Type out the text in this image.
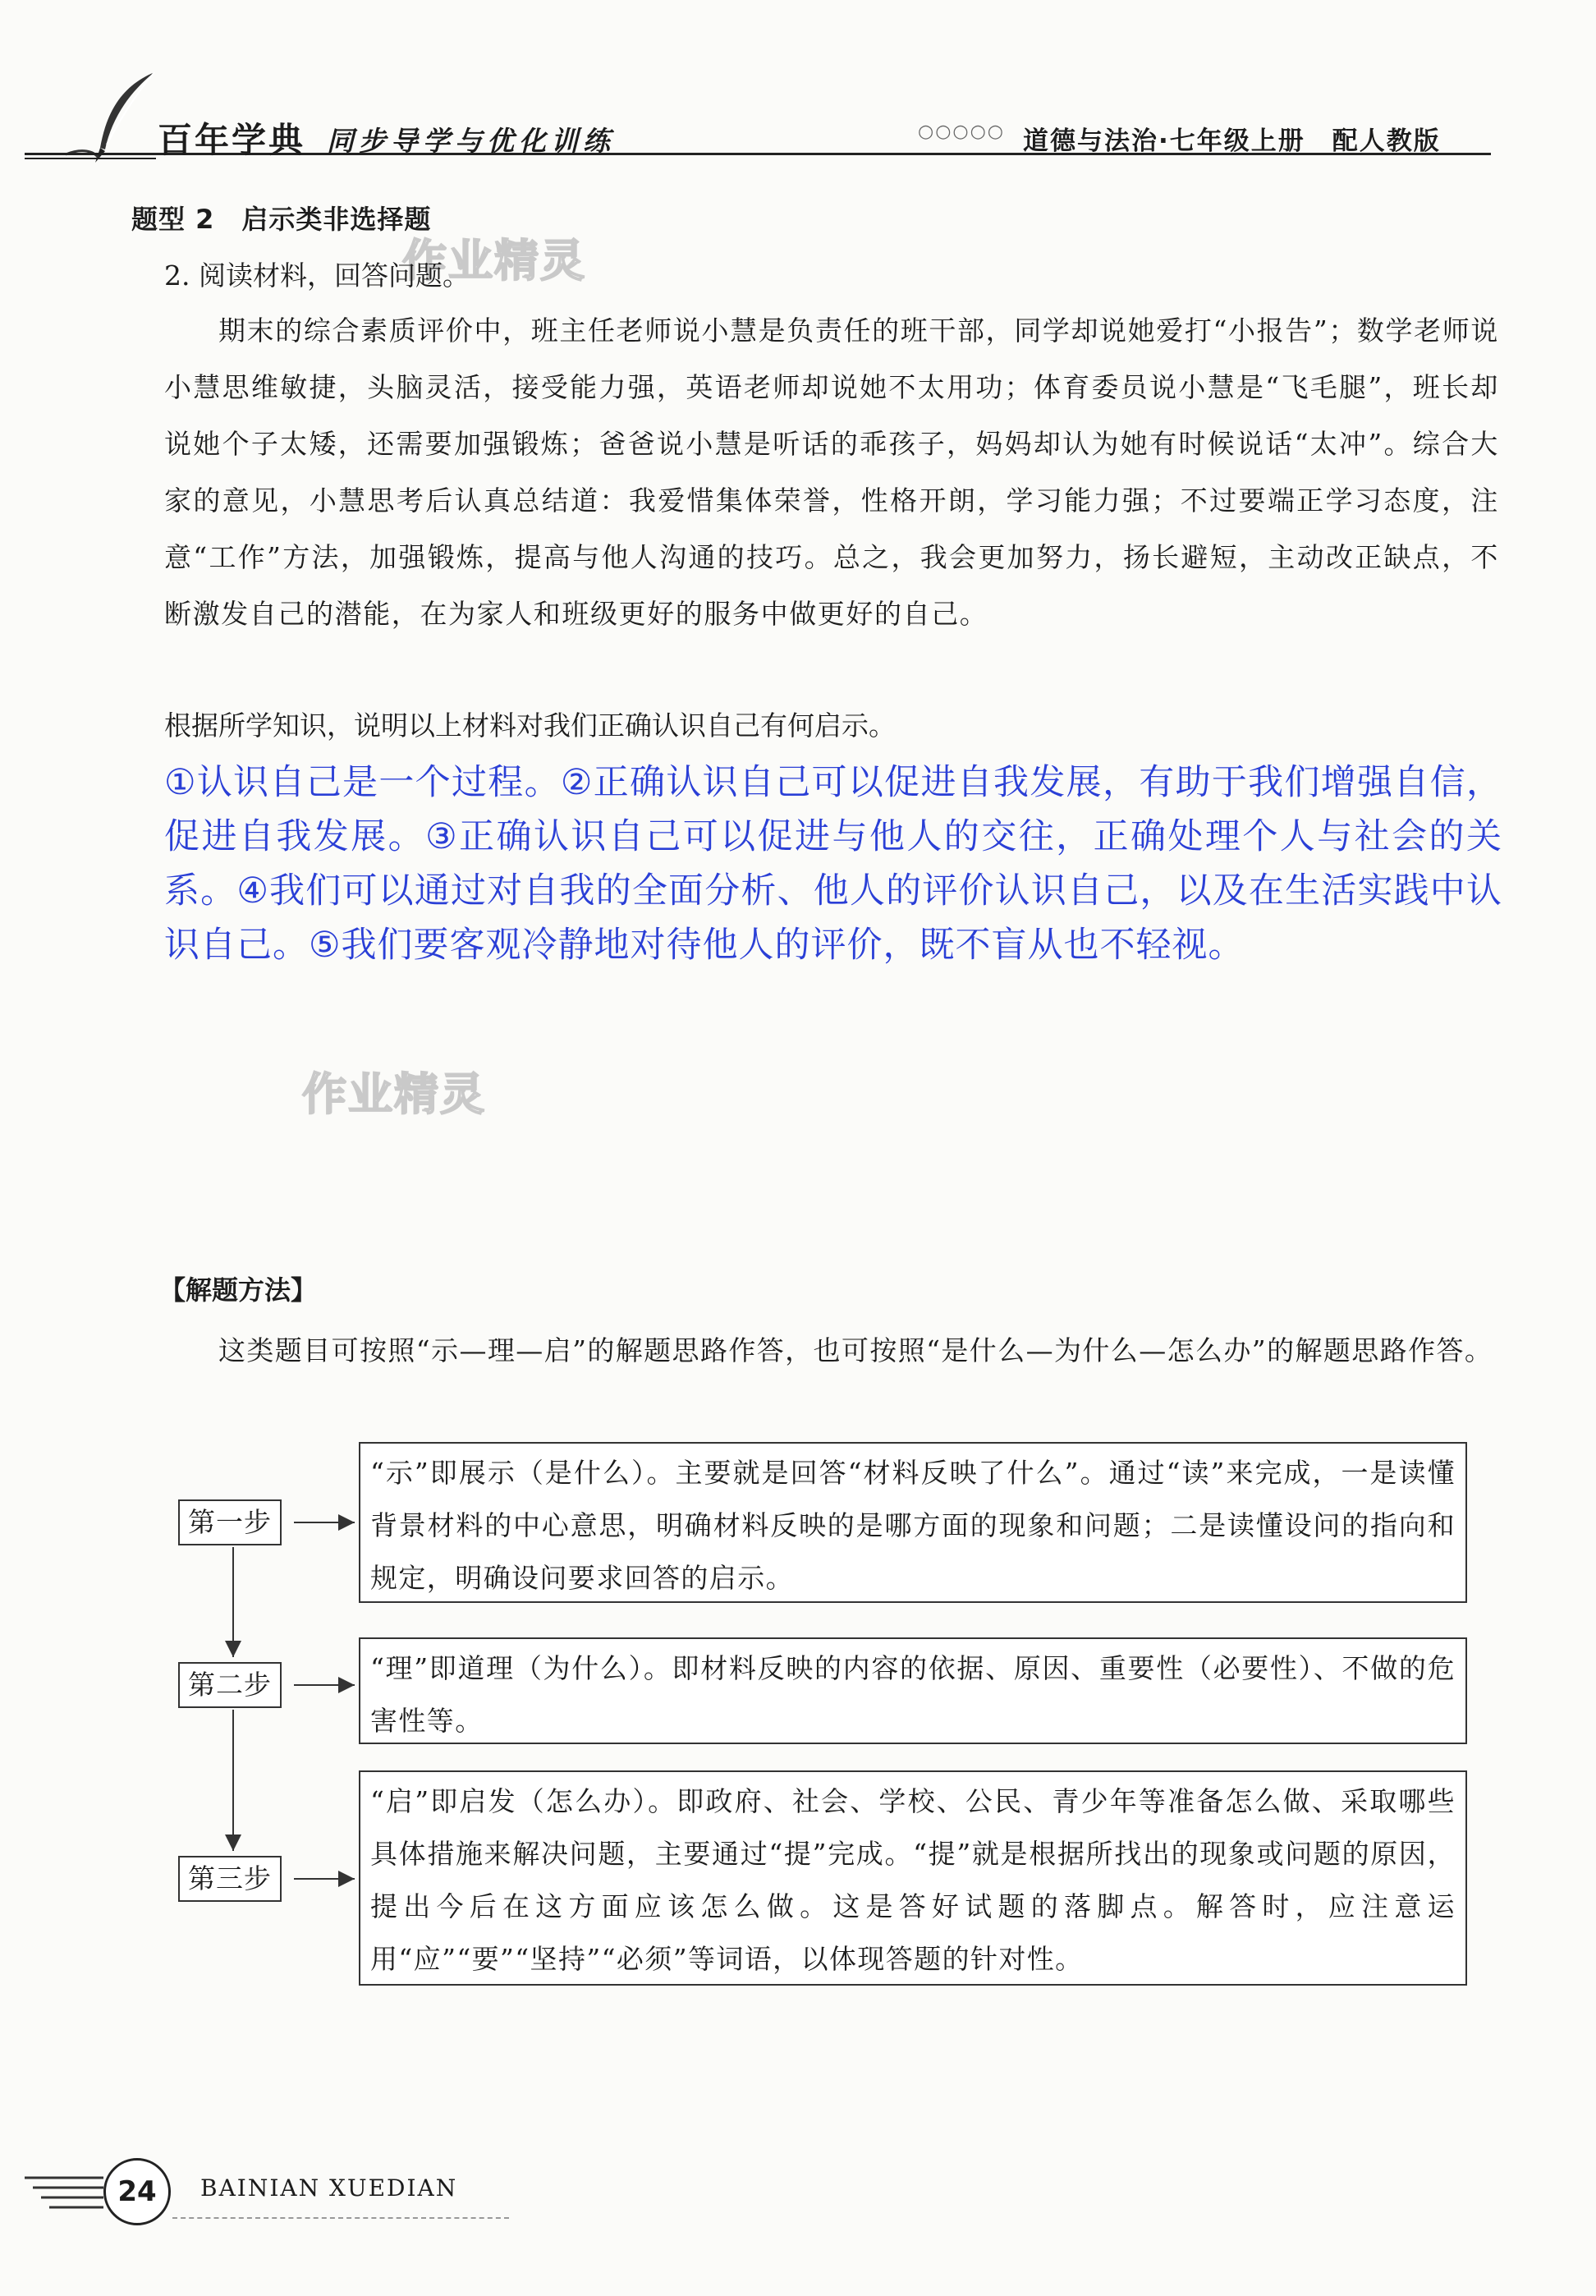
百年学典 同步导学与优化训练	○○○○○ 道德与法治·七年级上册　配人教版
作业精灵
作业精灵
题型 2　启示类非选择题
2. 阅读材料，回答问题。
期末的综合素质评价中，班主任老师说小慧是负责任的班干部，同学却说她爱打“小报告”；数学老师说小慧思维敏捷，头脑灵活，接受能力强，英语老师却说她不太用功；体育委员说小慧是“飞毛腿”，班长却说她个子太矮，还需要加强锻炼；爸爸说小慧是听话的乖孩子，妈妈却认为她有时候说话“太冲”。综合大家的意见，小慧思考后认真总结道：我爱惜集体荣誉，性格开朗，学习能力强；不过要端正学习态度，注意“工作”方法，加强锻炼，提高与他人沟通的技巧。总之，我会更加努力，扬长避短，主动改正缺点，不断激发自己的潜能，在为家人和班级更好的服务中做更好的自己。
根据所学知识，说明以上材料对我们正确认识自己有何启示。
①认识自己是一个过程。②正确认识自己可以促进自我发展，有助于我们增强自信，促进自我发展。③正确认识自己可以促进与他人的交往，正确处理个人与社会的关系。④我们可以通过对自我的全面分析、他人的评价认识自己，以及在生活实践中认识自己。⑤我们要客观冷静地对待他人的评价，既不盲从也不轻视。
【解题方法】
这类题目可按照“示—理—启”的解题思路作答，也可按照“是什么—为什么—怎么办”的解题思路作答。
第一步
第二步
第三步
“示”即展示（是什么）。主要就是回答“材料反映了什么”。通过“读”来完成，一是读懂背景材料的中心意思，明确材料反映的是哪方面的现象和问题；二是读懂设问的指向和规定，明确设问要求回答的启示。
“理”即道理（为什么）。即材料反映的内容的依据、原因、重要性（必要性）、不做的危害性等。
“启”即启发（怎么办）。即政府、社会、学校、公民、青少年等准备怎么做、采取哪些具体措施来解决问题，主要通过“提”完成。“提”就是根据所找出的现象或问题的原因，提出今后在这方面应该怎么做。这是答好试题的落脚点。解答时，应注意运用“应”“要”“坚持”“必须”等词语，以体现答题的针对性。
24	BAINIAN XUEDIAN
